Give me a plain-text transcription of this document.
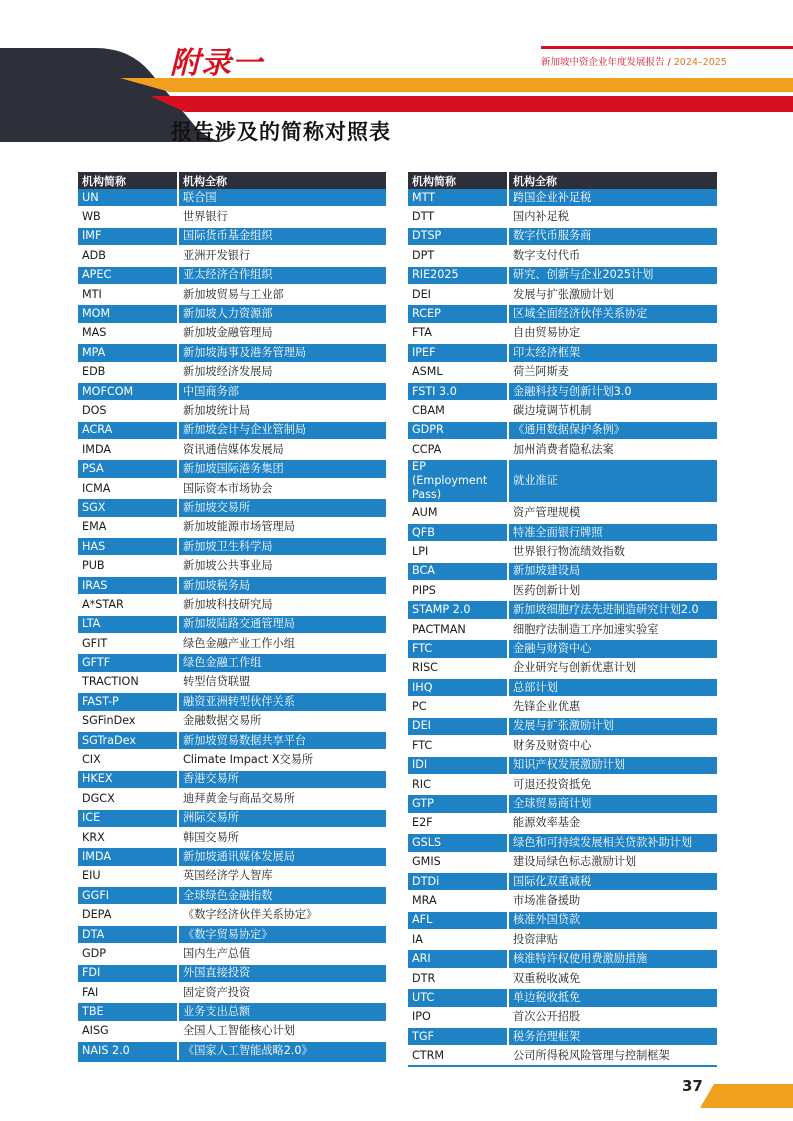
附录一	新加坡中资企业年度发展报告 / 2024–2025
报告涉及的简称对照表
机构简称	机构全称
UN	联合国
WB	世界银行
IMF	国际货币基金组织
ADB	亚洲开发银行
APEC	亚太经济合作组织
MTI	新加坡贸易与工业部
MOM	新加坡人力资源部
MAS	新加坡金融管理局
MPA	新加坡海事及港务管理局
EDB	新加坡经济发展局
MOFCOM	中国商务部
DOS	新加坡统计局
ACRA	新加坡会计与企业管制局
IMDA	资讯通信媒体发展局
PSA	新加坡国际港务集团
ICMA	国际资本市场协会
SGX	新加坡交易所
EMA	新加坡能源市场管理局
HAS	新加坡卫生科学局
PUB	新加坡公共事业局
IRAS	新加坡税务局
A*STAR	新加坡科技研究局
LTA	新加坡陆路交通管理局
GFIT	绿色金融产业工作小组
GFTF	绿色金融工作组
TRACTION	转型信贷联盟
FAST-P	融资亚洲转型伙伴关系
SGFinDex	金融数据交易所
SGTraDex	新加坡贸易数据共享平台
CIX	Climate Impact X交易所
HKEX	香港交易所
DGCX	迪拜黄金与商品交易所
ICE	洲际交易所
KRX	韩国交易所
IMDA	新加坡通讯媒体发展局
EIU	英国经济学人智库
GGFI	全球绿色金融指数
DEPA	《数字经济伙伴关系协定》
DTA	《数字贸易协定》
GDP	国内生产总值
FDI	外国直接投资
FAI	固定资产投资
TBE	业务支出总额
AISG	全国人工智能核心计划
NAIS 2.0	《国家人工智能战略2.0》
机构简称	机构全称
MTT	跨国企业补足税
DTT	国内补足税
DTSP	数字代币服务商
DPT	数字支付代币
RIE2025	研究、创新与企业2025计划
DEI	发展与扩张激励计划
RCEP	区域全面经济伙伴关系协定
FTA	自由贸易协定
IPEF	印太经济框架
ASML	荷兰阿斯麦
FSTI 3.0	金融科技与创新计划3.0
CBAM	碳边境调节机制
GDPR	《通用数据保护条例》
CCPA	加州消费者隐私法案
EP (Employment Pass)	就业准证
AUM	资产管理规模
QFB	特准全面银行牌照
LPI	世界银行物流绩效指数
BCA	新加坡建设局
PIPS	医药创新计划
STAMP 2.0	新加坡细胞疗法先进制造研究计划2.0
PACTMAN	细胞疗法制造工序加速实验室
FTC	金融与财资中心
RISC	企业研究与创新优惠计划
IHQ	总部计划
PC	先锋企业优惠
DEI	发展与扩张激励计划
FTC	财务及财资中心
IDI	知识产权发展激励计划
RIC	可退还投资抵免
GTP	全球贸易商计划
E2F	能源效率基金
GSLS	绿色和可持续发展相关贷款补助计划
GMIS	建设局绿色标志激励计划
DTDi	国际化双重减税
MRA	市场准备援助
AFL	核准外国贷款
IA	投资津贴
ARI	核准特许权使用费激励措施
DTR	双重税收减免
UTC	单边税收抵免
IPO	首次公开招股
TGF	税务治理框架
CTRM	公司所得税风险管理与控制框架
37
